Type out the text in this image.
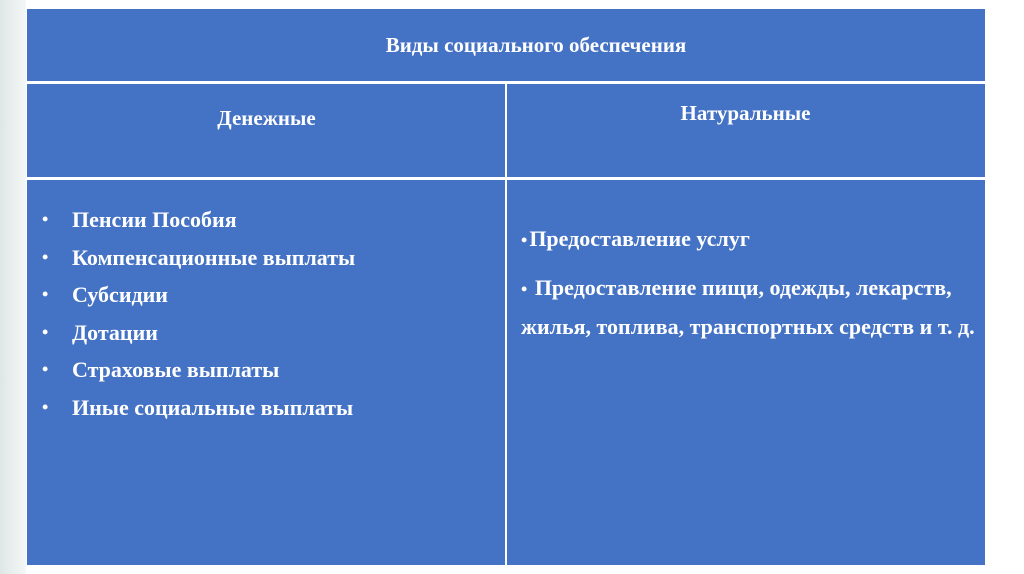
Виды социального обеспечения
Денежные	Натуральные
• Пенсии Пособия
• Компенсационные выплаты
• Субсидии
• Дотации
• Страховые выплаты
• Иные социальные выплаты
•Предоставление услуг
• Предоставление пищи, одежды, лекарств, жилья, топлива, транспортных средств и т. д.
